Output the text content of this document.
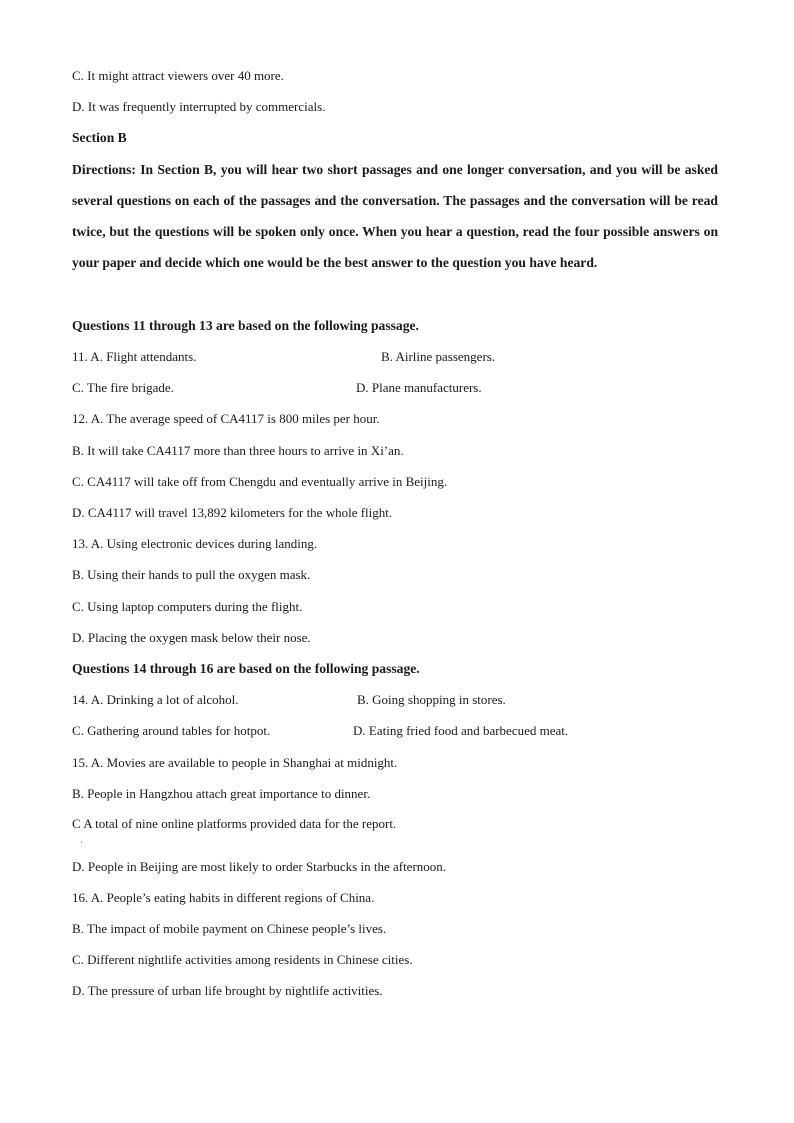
C. It might attract viewers over 40 more.
D. It was frequently interrupted by commercials.
Section B
Directions: In Section B, you will hear two short passages and one longer conversation, and you will be asked several questions on each of the passages and the conversation. The passages and the conversation will be read twice, but the questions will be spoken only once. When you hear a question, read the four possible answers on your paper and decide which one would be the best answer to the question you have heard.
Questions 11 through 13 are based on the following passage.
11. A. Flight attendants.	B. Airline passengers.
C. The fire brigade.	D. Plane manufacturers.
12. A. The average speed of CA4117 is 800 miles per hour.
B. It will take CA4117 more than three hours to arrive in Xi’an.
C. CA4117 will take off from Chengdu and eventually arrive in Beijing.
D. CA4117 will travel 13,892 kilometers for the whole flight.
13. A. Using electronic devices during landing.
B. Using their hands to pull the oxygen mask.
C. Using laptop computers during the flight.
D. Placing the oxygen mask below their nose.
Questions 14 through 16 are based on the following passage.
14. A. Drinking a lot of alcohol.	B. Going shopping in stores.
C. Gathering around tables for hotpot.	D. Eating fried food and barbecued meat.
15. A. Movies are available to people in Shanghai at midnight.
B. People in Hangzhou attach great importance to dinner.
C A total of nine online platforms provided data for the report.
·
D. People in Beijing are most likely to order Starbucks in the afternoon.
16. A. People’s eating habits in different regions of China.
B. The impact of mobile payment on Chinese people’s lives.
C. Different nightlife activities among residents in Chinese cities.
D. The pressure of urban life brought by nightlife activities.
